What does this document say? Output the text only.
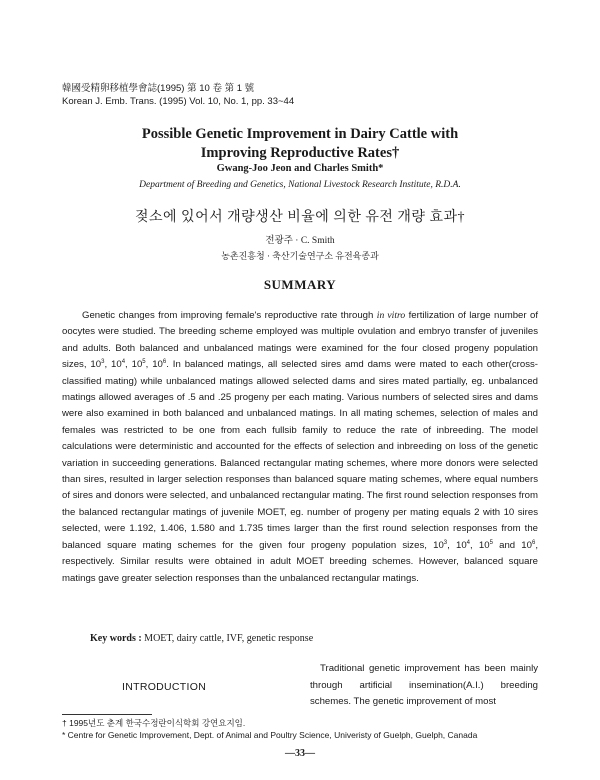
韓國受精卵移植學會誌(1995) 第 10 卷 第 1 號
Korean J. Emb. Trans. (1995) Vol. 10, No. 1, pp. 33~44
Possible Genetic Improvement in Dairy Cattle with
Improving Reproductive Rates†
Gwang-Joo Jeon and Charles Smith*
Department of Breeding and Genetics, National Livestock Research Institute, R.D.A.
젖소에 있어서 개량생산 비율에 의한 유전 개량 효과†
전광주 · C. Smith
농촌진흥청 · 축산기술연구소 유전육종과
SUMMARY

Genetic changes from improving female's reproductive rate through in vitro fertilization of large number of oocytes were studied. The breeding scheme employed was multiple ovulation and embryo transfer of juveniles and adults. Both balanced and unbalanced matings were examined for the four closed progeny population sizes, $10^3$, $10^4$, $10^5$, $10^6$. In balanced matings, all selected sires amd dams were mated to each other(cross-classified mating) while unbalanced matings allowed selected dams and sires mated partially, eg. unbalanced matings allowed averages of .5 and .25 progeny per each mating. Various numbers of selected sires and dams were also examined in both balanced and unbalanced matings. In all mating schemes, selection of males and females was restricted to be one from each fullsib family to reduce the rate of inbreeding. The model calculations were deterministic and accounted for the effects of selection and inbreeding on loss of the genetic variation in succeeding generations. Balanced rectangular mating schemes, where more donors were selected than sires, resulted in larger selection responses than balanced square mating schemes, where equal numbers of sires and donors were selected, and unbalanced rectangular mating. The first round selection responses from the balanced rectangular matings of juvenile MOET, eg. number of progeny per mating equals 2 with 10 sires selected, were 1.192, 1.406, 1.580 and 1.735 times larger than the first round selection responses from the balanced square mating schemes for the given four progeny population sizes, $10^3$, $10^4$, $10^5$ and $10^6$, respectively. Similar results were obtained in adult MOET breeding schemes. However, balanced square matings gave greater selection responses than the unbalanced rectangular matings.

Key words : MOET, dairy cattle, IVF, genetic response
INTRODUCTION

Traditional genetic improvement has been mainly through artificial insemination(A.I.) breeding schemes. The genetic improvement of most

† 1995년도 춘계 한국수정란이식학회 강연요지임.
* Centre for Genetic Improvement, Dept. of Animal and Poultry Science, Univeristy of Guelph, Guelph, Canada
—33—
